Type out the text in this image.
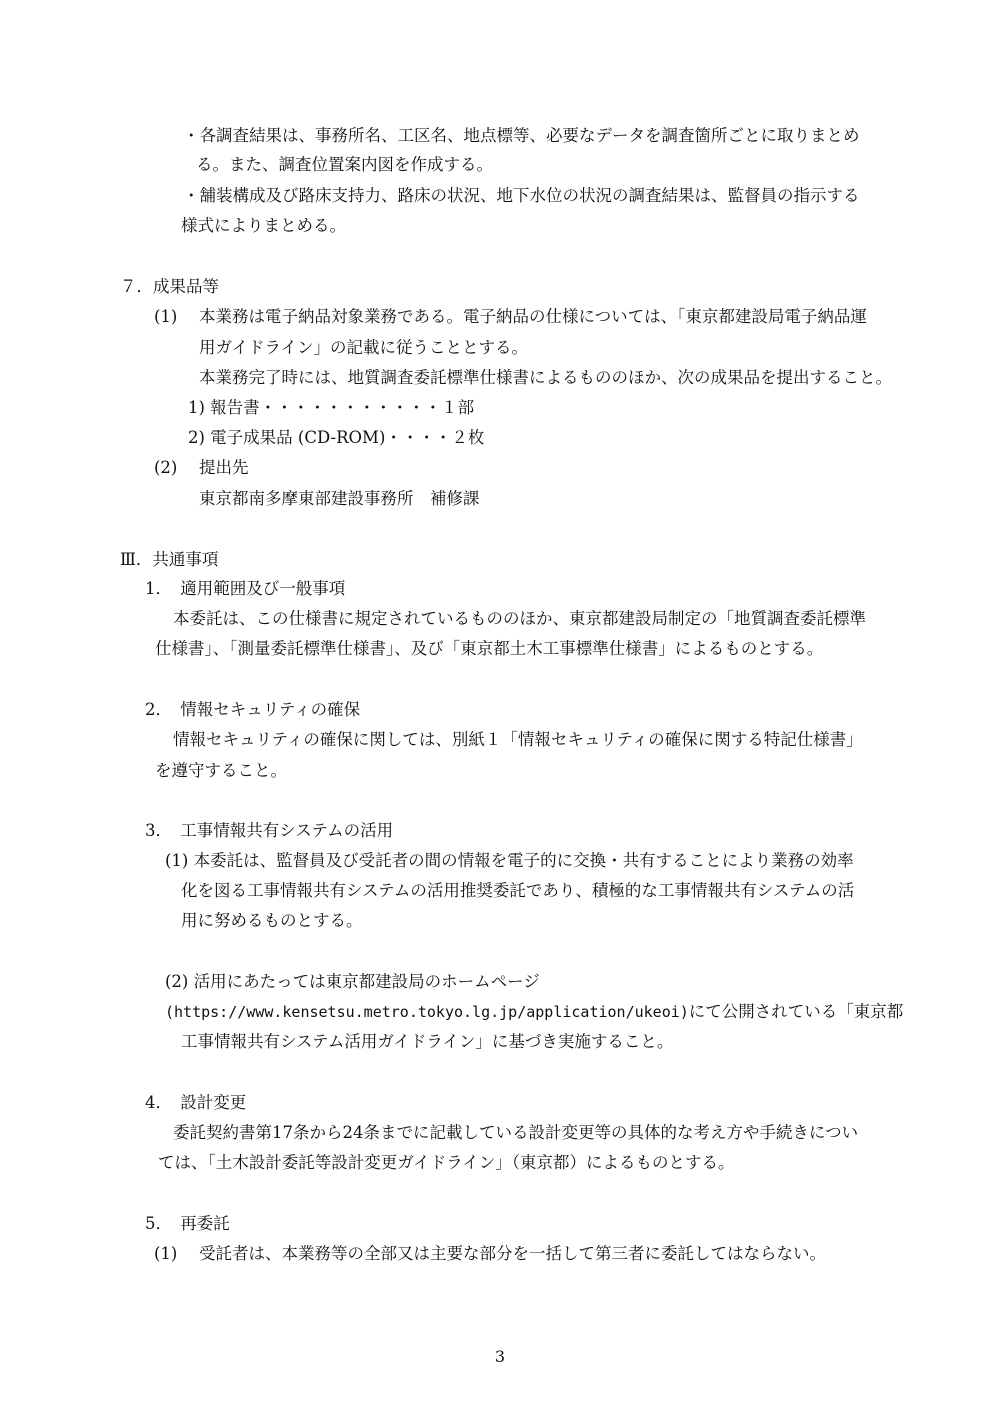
・各調査結果は、事務所名、工区名、地点標等、必要なデータを調査箇所ごとに取りまとめ

る。また、調査位置案内図を作成する。

・舗装構成及び路床支持力、路床の状況、地下水位の状況の調査結果は、監督員の指示する

様式によりまとめる。

７．成果品等

(1) 本業務は電子納品対象業務である。電子納品の仕様については、「東京都建設局電子納品運

用ガイドライン」の記載に従うこととする。

本業務完了時には、地質調査委託標準仕様書によるもののほか、次の成果品を提出すること。

1) 報告書・・・・・・・・・・・１部

2) 電子成果品 (CD-ROM)・・・・２枚

(2) 提出先

東京都南多摩東部建設事務所　補修課

Ⅲ．共通事項

1．　適用範囲及び一般事項

本委託は、この仕様書に規定されているもののほか、東京都建設局制定の「地質調査委託標準

仕様書」、「測量委託標準仕様書」、及び「東京都土木工事標準仕様書」によるものとする。

2．　情報セキュリティの確保

情報セキュリティの確保に関しては、別紙１「情報セキュリティの確保に関する特記仕様書」

を遵守すること。

3．　工事情報共有システムの活用

(1) 本委託は、監督員及び受託者の間の情報を電子的に交換・共有することにより業務の効率

化を図る工事情報共有システムの活用推奨委託であり、積極的な工事情報共有システムの活

用に努めるものとする。

(2) 活用にあたっては東京都建設局のホームページ

(https://www.kensetsu.metro.tokyo.lg.jp/application/ukeoi)にて公開されている「東京都

工事情報共有システム活用ガイドライン」に基づき実施すること。

4．　設計変更

委託契約書第17条から24条までに記載している設計変更等の具体的な考え方や手続きについ

ては、「土木設計委託等設計変更ガイドライン」（東京都）によるものとする。

5．　再委託

(1) 受託者は、本業務等の全部又は主要な部分を一括して第三者に委託してはならない。

3
